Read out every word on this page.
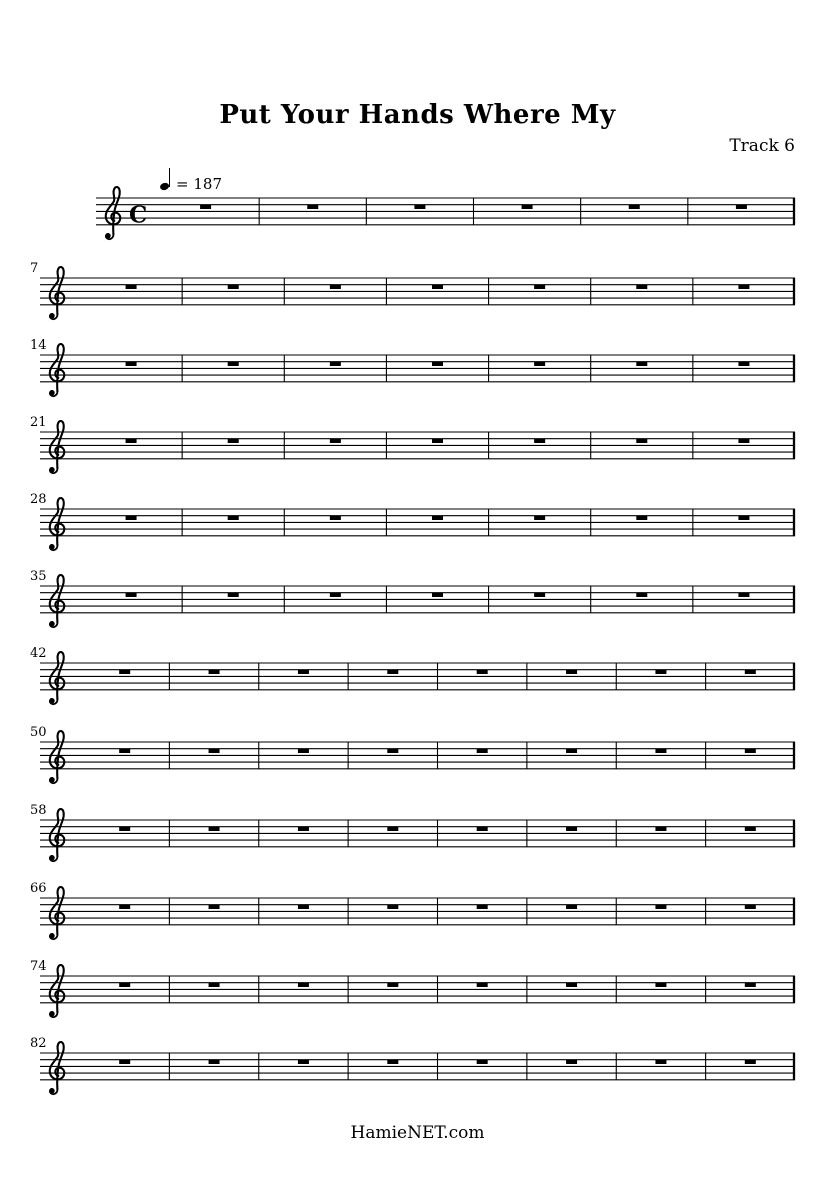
Put Your Hands Where My
Track 6
= 187
C
7
14
21
28
35
42
50
58
66
74
82
HamieNET.com
